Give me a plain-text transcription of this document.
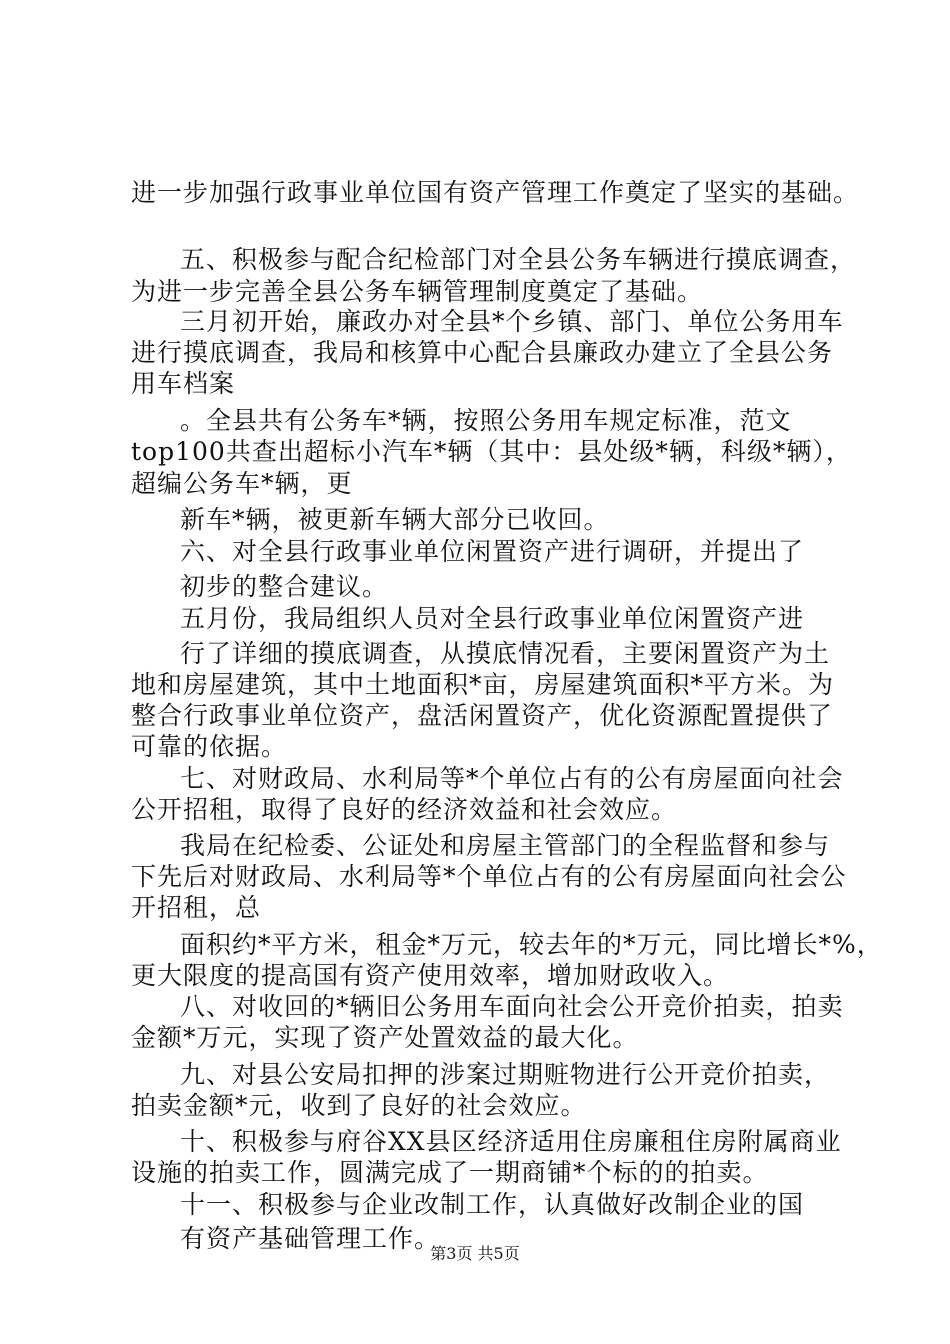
进一步加强行政事业单位国有资产管理工作奠定了坚实的基础。
五、积极参与配合纪检部门对全县公务车辆进行摸底调查，
为进一步完善全县公务车辆管理制度奠定了基础。
三月初开始，廉政办对全县*个乡镇、部门、单位公务用车
进行摸底调查，我局和核算中心配合县廉政办建立了全县公务
用车档案
。全县共有公务车*辆，按照公务用车规定标准，范文
top100共查出超标小汽车*辆（其中：县处级*辆，科级*辆），
超编公务车*辆，更
新车*辆，被更新车辆大部分已收回。
六、对全县行政事业单位闲置资产进行调研，并提出了
初步的整合建议。
五月份，我局组织人员对全县行政事业单位闲置资产进
行了详细的摸底调查，从摸底情况看，主要闲置资产为土
地和房屋建筑，其中土地面积*亩，房屋建筑面积*平方米。为
整合行政事业单位资产，盘活闲置资产，优化资源配置提供了
可靠的依据。
七、对财政局、水利局等*个单位占有的公有房屋面向社会
公开招租，取得了良好的经济效益和社会效应。
我局在纪检委、公证处和房屋主管部门的全程监督和参与
下先后对财政局、水利局等*个单位占有的公有房屋面向社会公
开招租，总
面积约*平方米，租金*万元，较去年的*万元，同比增长*%，
更大限度的提高国有资产使用效率，增加财政收入。
八、对收回的*辆旧公务用车面向社会公开竞价拍卖，拍卖
金额*万元，实现了资产处置效益的最大化。
九、对县公安局扣押的涉案过期赃物进行公开竞价拍卖，
拍卖金额*元，收到了良好的社会效应。
十、积极参与府谷XX县区经济适用住房廉租住房附属商业
设施的拍卖工作，圆满完成了一期商铺*个标的的拍卖。
十一、积极参与企业改制工作，认真做好改制企业的国
有资产基础管理工作。
第3页 共5页
